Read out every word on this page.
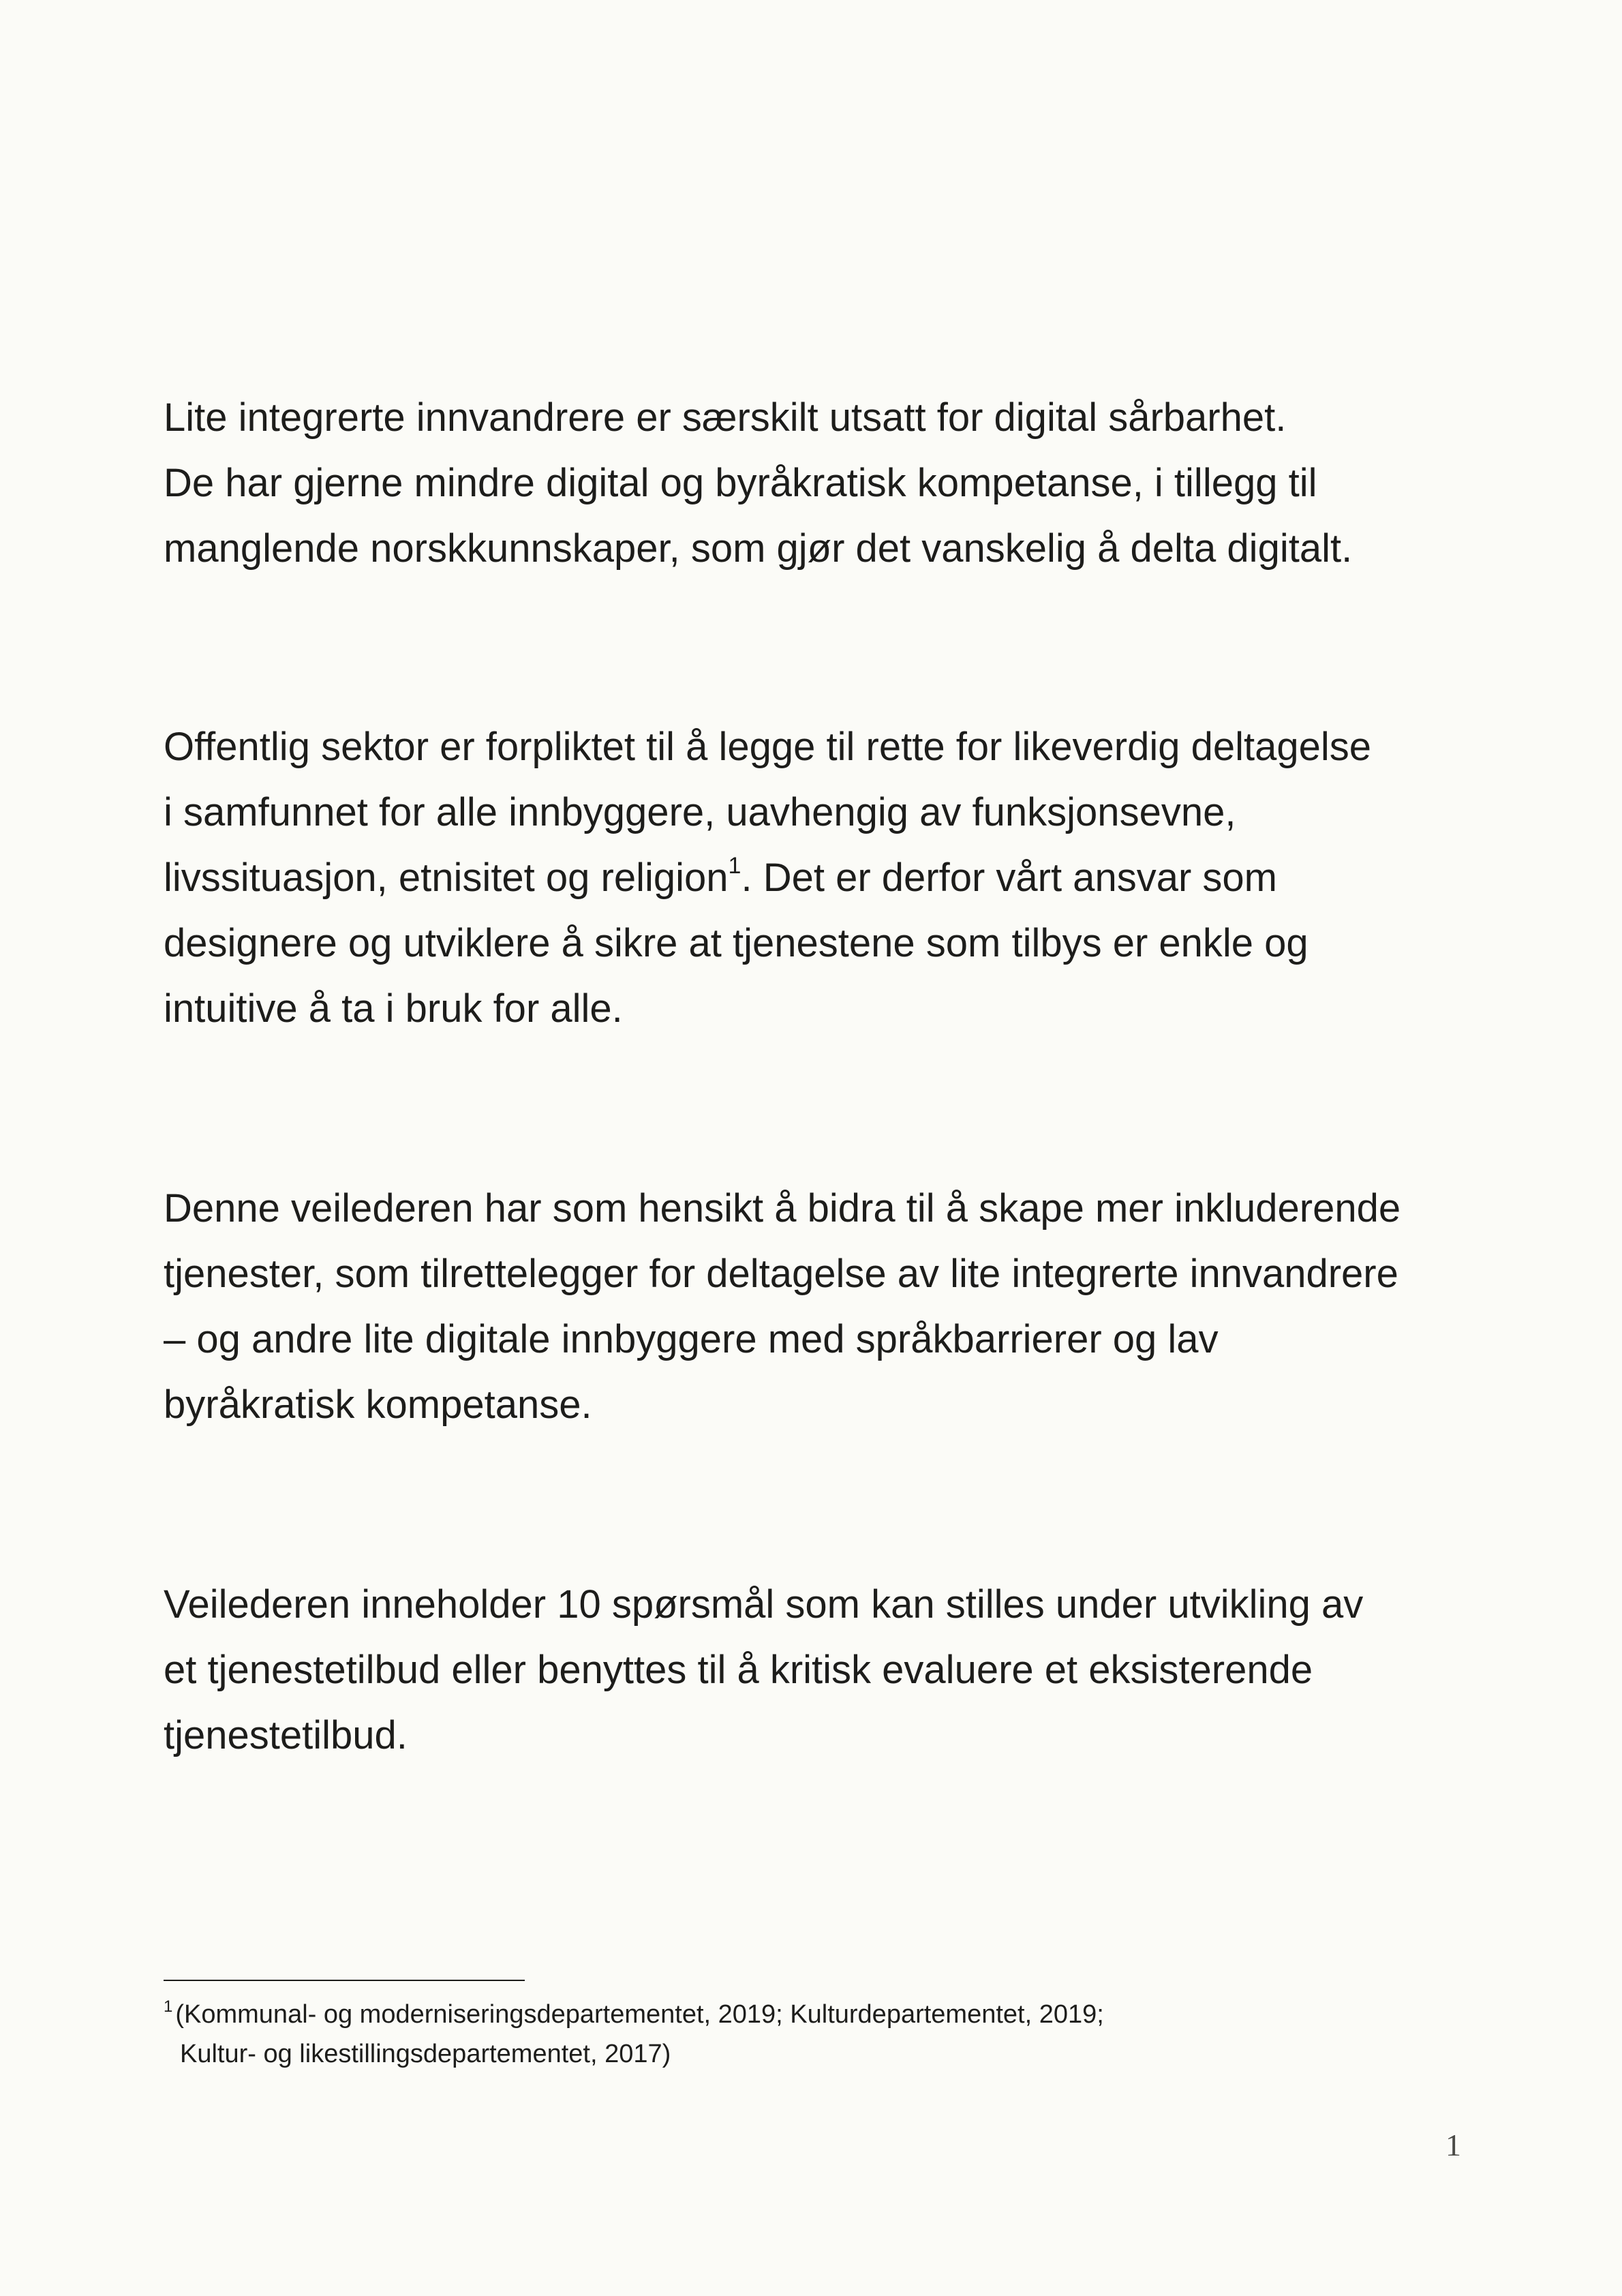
Lite integrerte innvandrere er særskilt utsatt for digital sårbarhet.
De har gjerne mindre digital og byråkratisk kompetanse, i tillegg til
manglende norskkunnskaper, som gjør det vanskelig å delta digitalt.

Offentlig sektor er forpliktet til å legge til rette for likeverdig deltagelse
i samfunnet for alle innbyggere, uavhengig av funksjonsevne,
livssituasjon, etnisitet og religion$^1$. Det er derfor vårt ansvar som
designere og utviklere å sikre at tjenestene som tilbys er enkle og
intuitive å ta i bruk for alle.

Denne veilederen har som hensikt å bidra til å skape mer inkluderende
tjenester, som tilrettelegger for deltagelse av lite integrerte innvandrere
– og andre lite digitale innbyggere med språkbarrierer og lav
byråkratisk kompetanse.

Veilederen inneholder 10 spørsmål som kan stilles under utvikling av
et tjenestetilbud eller benyttes til å kritisk evaluere et eksisterende
tjenestetilbud.

$^1$ (Kommunal- og moderniseringsdepartementet, 2019; Kulturdepartementet, 2019;
Kultur- og likestillingsdepartementet, 2017)
1
